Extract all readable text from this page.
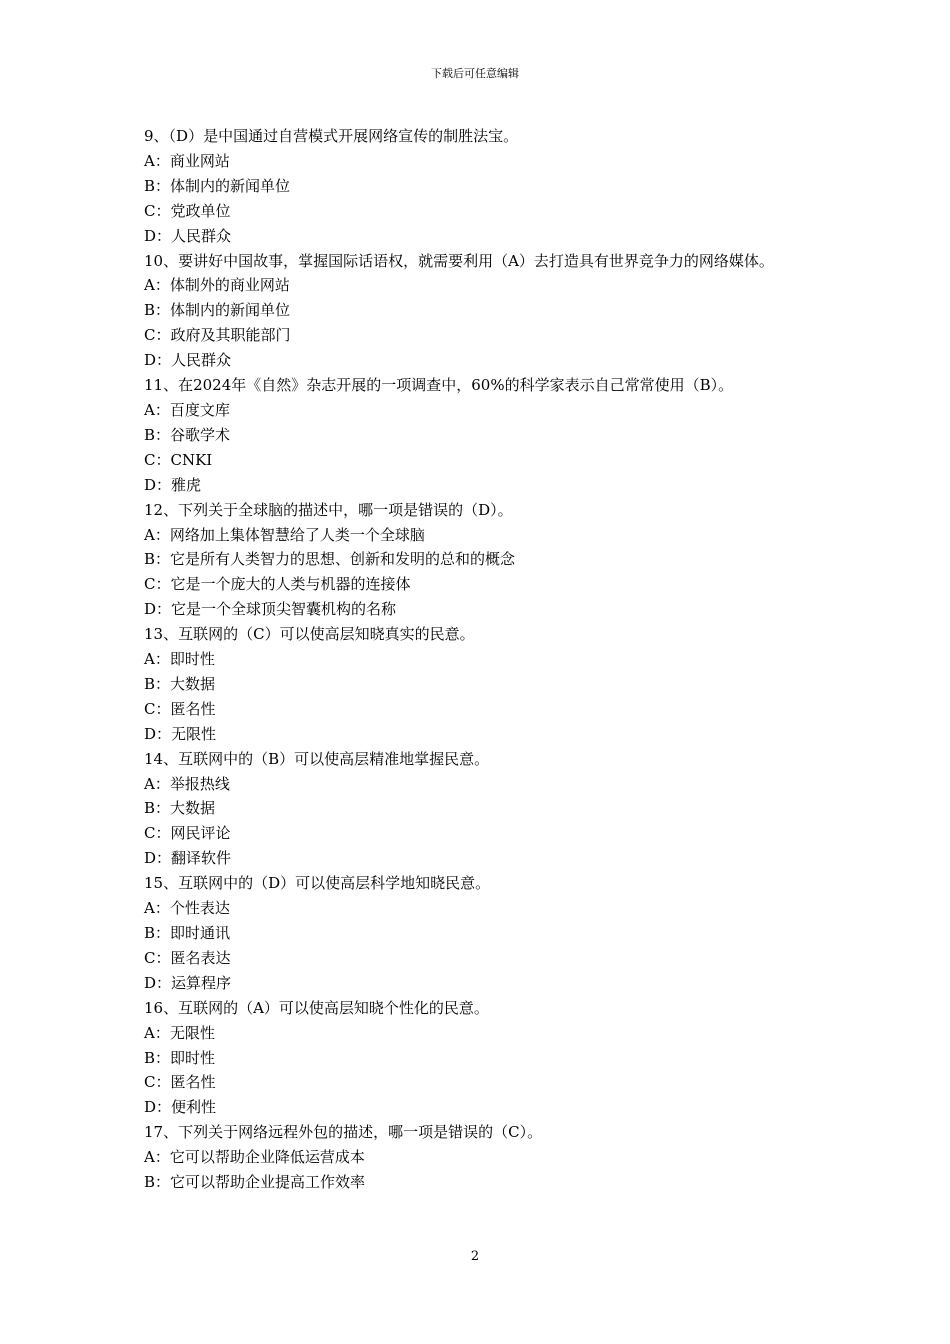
下载后可任意编辑
9、（D）是中国通过自营模式开展网络宣传的制胜法宝。
A：商业网站
B：体制内的新闻单位
C：党政单位
D：人民群众
10、要讲好中国故事，掌握国际话语权，就需要利用（A）去打造具有世界竞争力的网络媒体。
A：体制外的商业网站
B：体制内的新闻单位
C：政府及其职能部门
D：人民群众
11、在2024年《自然》杂志开展的一项调查中，60%的科学家表示自己常常使用（B）。
A：百度文库
B：谷歌学术
C：CNKI
D：雅虎
12、下列关于全球脑的描述中，哪一项是错误的（D）。
A：网络加上集体智慧给了人类一个全球脑
B：它是所有人类智力的思想、创新和发明的总和的概念
C：它是一个庞大的人类与机器的连接体
D：它是一个全球顶尖智囊机构的名称
13、互联网的（C）可以使高层知晓真实的民意。
A：即时性
B：大数据
C：匿名性
D：无限性
14、互联网中的（B）可以使高层精准地掌握民意。
A：举报热线
B：大数据
C：网民评论
D：翻译软件
15、互联网中的（D）可以使高层科学地知晓民意。
A：个性表达
B：即时通讯
C：匿名表达
D：运算程序
16、互联网的（A）可以使高层知晓个性化的民意。
A：无限性
B：即时性
C：匿名性
D：便利性
17、下列关于网络远程外包的描述，哪一项是错误的（C）。
A：它可以帮助企业降低运营成本
B：它可以帮助企业提高工作效率
2
